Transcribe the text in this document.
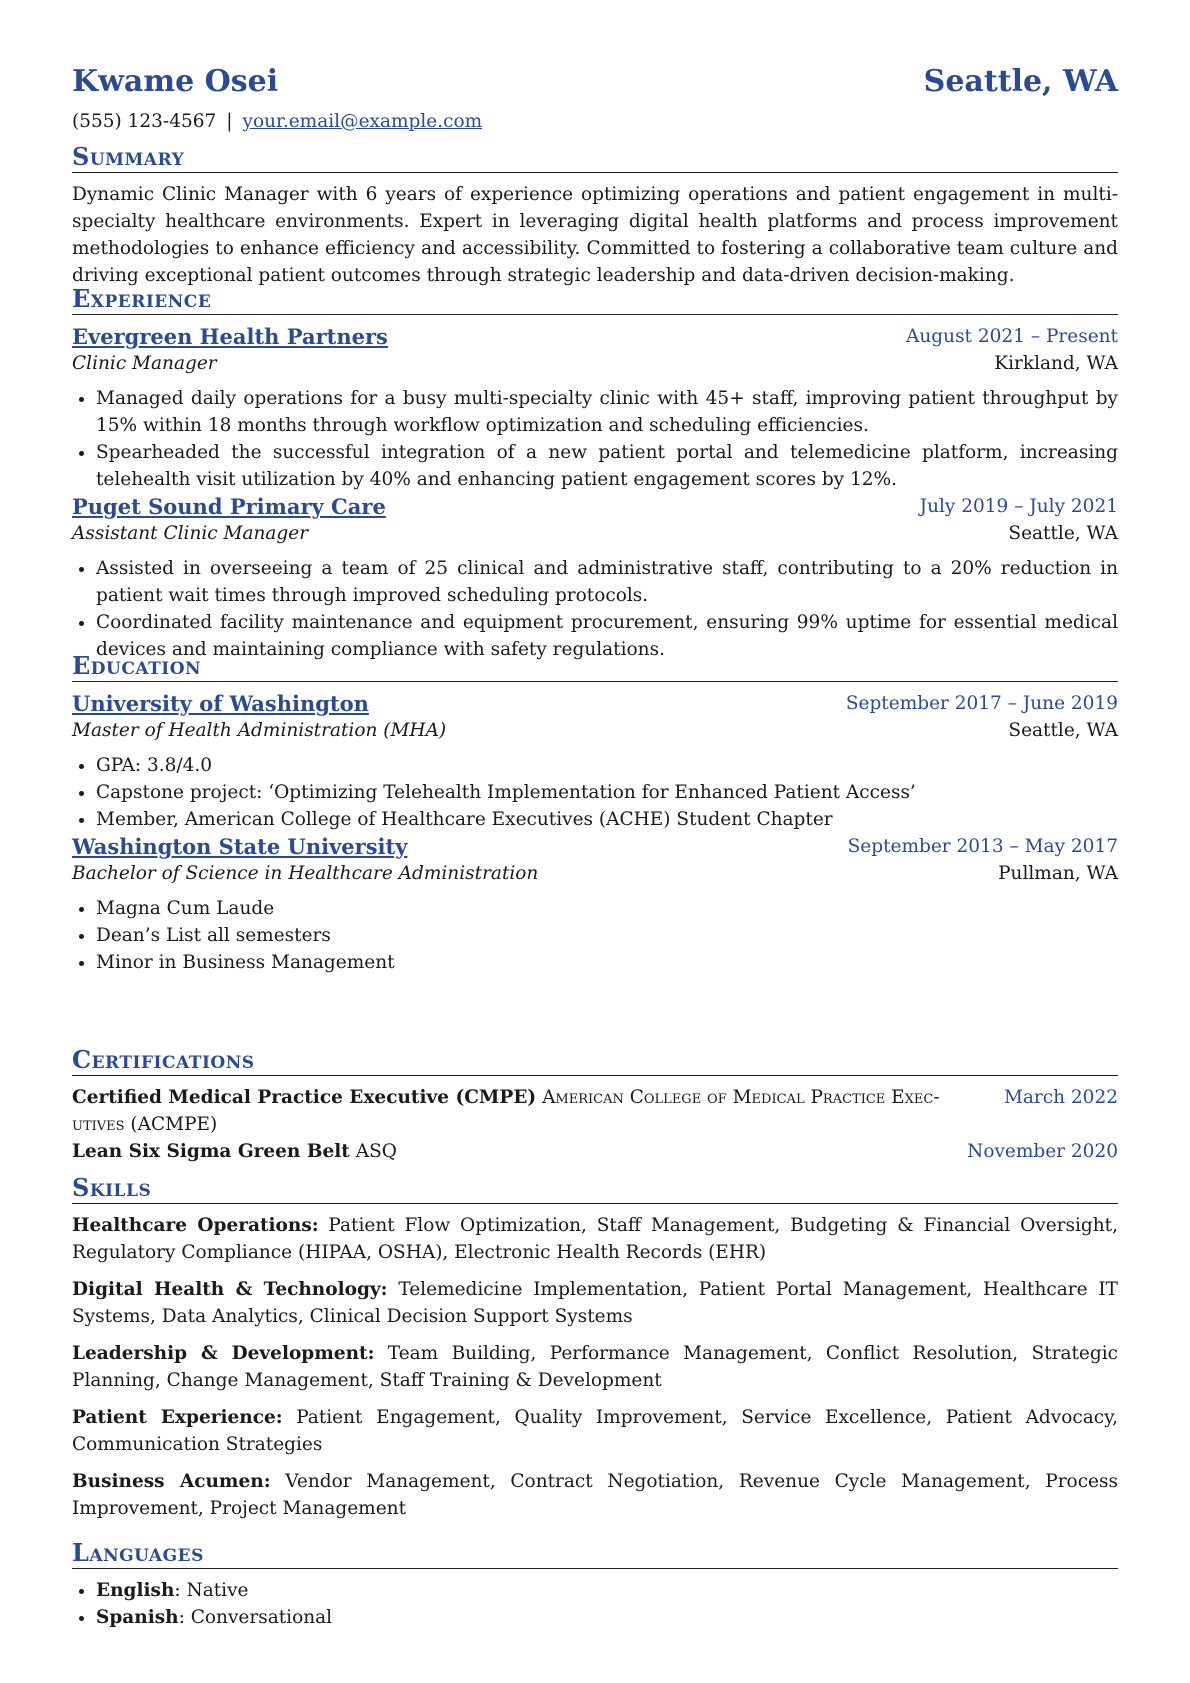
Kwame Osei	Seattle, WA
(555) 123-4567 | your.email@example.com
Summary
Dynamic Clinic Manager with 6 years of experience optimizing operations and patient engagement in multi-specialty healthcare environments. Expert in leveraging digital health platforms and process improvement methodologies to enhance efficiency and accessibility. Committed to fostering a collaborative team culture and driving exceptional patient outcomes through strategic leadership and data-driven decision-making.
Experience
Evergreen Health Partners	August 2021 – Present
Clinic Manager	Kirkland, WA
• Managed daily operations for a busy multi-specialty clinic with 45+ staff, improving patient throughput by 15% within 18 months through workflow optimization and scheduling efficiencies.
• Spearheaded the successful integration of a new patient portal and telemedicine platform, increasing telehealth visit utilization by 40% and enhancing patient engagement scores by 12%.
Puget Sound Primary Care	July 2019 – July 2021
Assistant Clinic Manager	Seattle, WA
• Assisted in overseeing a team of 25 clinical and administrative staff, contributing to a 20% reduction in patient wait times through improved scheduling protocols.
• Coordinated facility maintenance and equipment procurement, ensuring 99% uptime for essential medical devices and maintaining compliance with safety regulations.
Education
University of Washington	September 2017 – June 2019
Master of Health Administration (MHA)	Seattle, WA
• GPA: 3.8/4.0
• Capstone project: ‘Optimizing Telehealth Implementation for Enhanced Patient Access’
• Member, American College of Healthcare Executives (ACHE) Student Chapter
Washington State University	September 2013 – May 2017
Bachelor of Science in Healthcare Administration	Pullman, WA
• Magna Cum Laude
• Dean’s List all semesters
• Minor in Business Management
Certifications
Certified Medical Practice Executive (CMPE) American College of Medical Practice Exec-	March 2022
utives (ACMPE)
Lean Six Sigma Green Belt ASQ	November 2020
Skills
Healthcare Operations: Patient Flow Optimization, Staff Management, Budgeting & Financial Oversight, Regulatory Compliance (HIPAA, OSHA), Electronic Health Records (EHR)
Digital Health & Technology: Telemedicine Implementation, Patient Portal Management, Healthcare IT Systems, Data Analytics, Clinical Decision Support Systems
Leadership & Development: Team Building, Performance Management, Conflict Resolution, Strategic Planning, Change Management, Staff Training & Development
Patient Experience: Patient Engagement, Quality Improvement, Service Excellence, Patient Advocacy, Communication Strategies
Business Acumen: Vendor Management, Contract Negotiation, Revenue Cycle Management, Process Improvement, Project Management
Languages
• English: Native
• Spanish: Conversational
